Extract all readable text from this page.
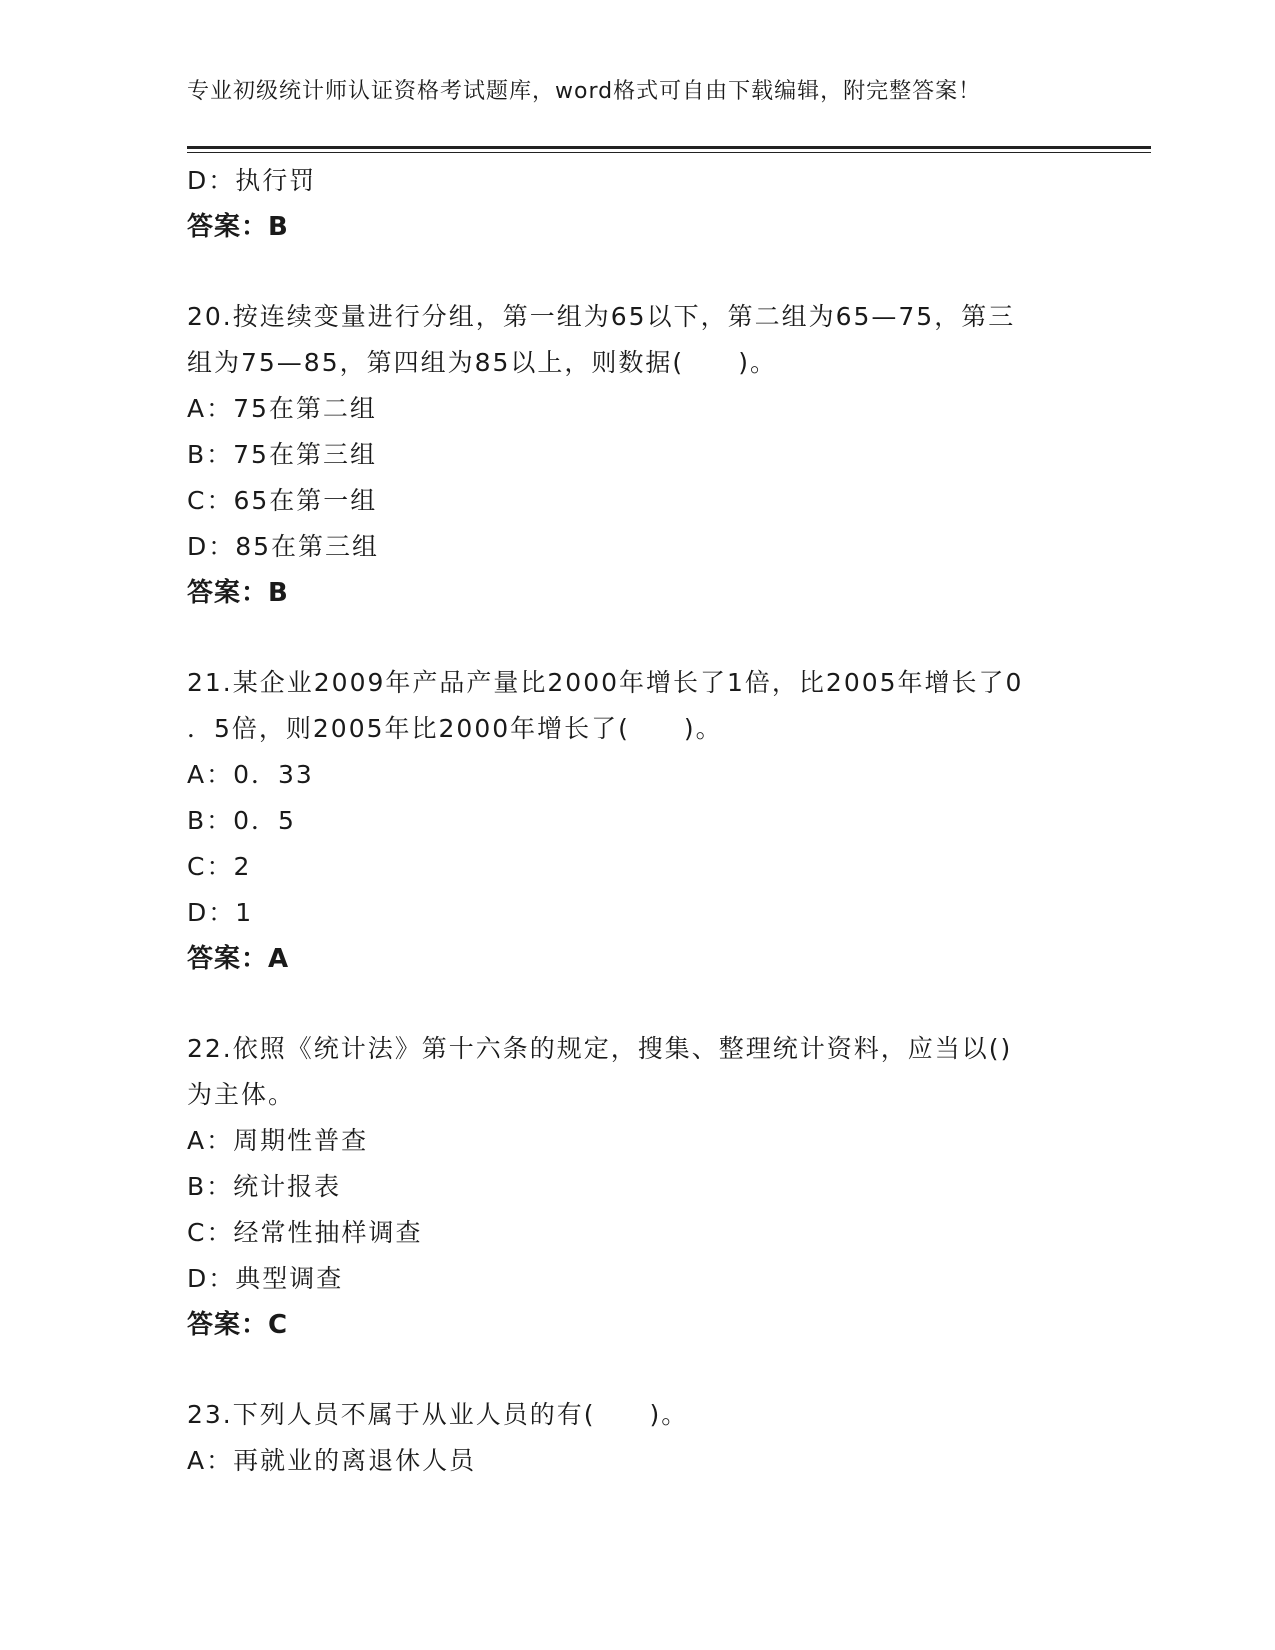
专业初级统计师认证资格考试题库，word格式可自由下载编辑，附完整答案！
D：执行罚
答案：B
20.按连续变量进行分组，第一组为65以下，第二组为65—75，第三
组为75—85，第四组为85以上，则数据(　　)。
A：75在第二组
B：75在第三组
C：65在第一组
D：85在第三组
答案：B
21.某企业2009年产品产量比2000年增长了1倍，比2005年增长了0
．5倍，则2005年比2000年增长了(　　)。
A：0．33
B：0．5
C：2
D：1
答案：A
22.依照《统计法》第十六条的规定，搜集、整理统计资料，应当以()
为主体。
A：周期性普查
B：统计报表
C：经常性抽样调查
D：典型调查
答案：C
23.下列人员不属于从业人员的有(　　)。
A：再就业的离退休人员
